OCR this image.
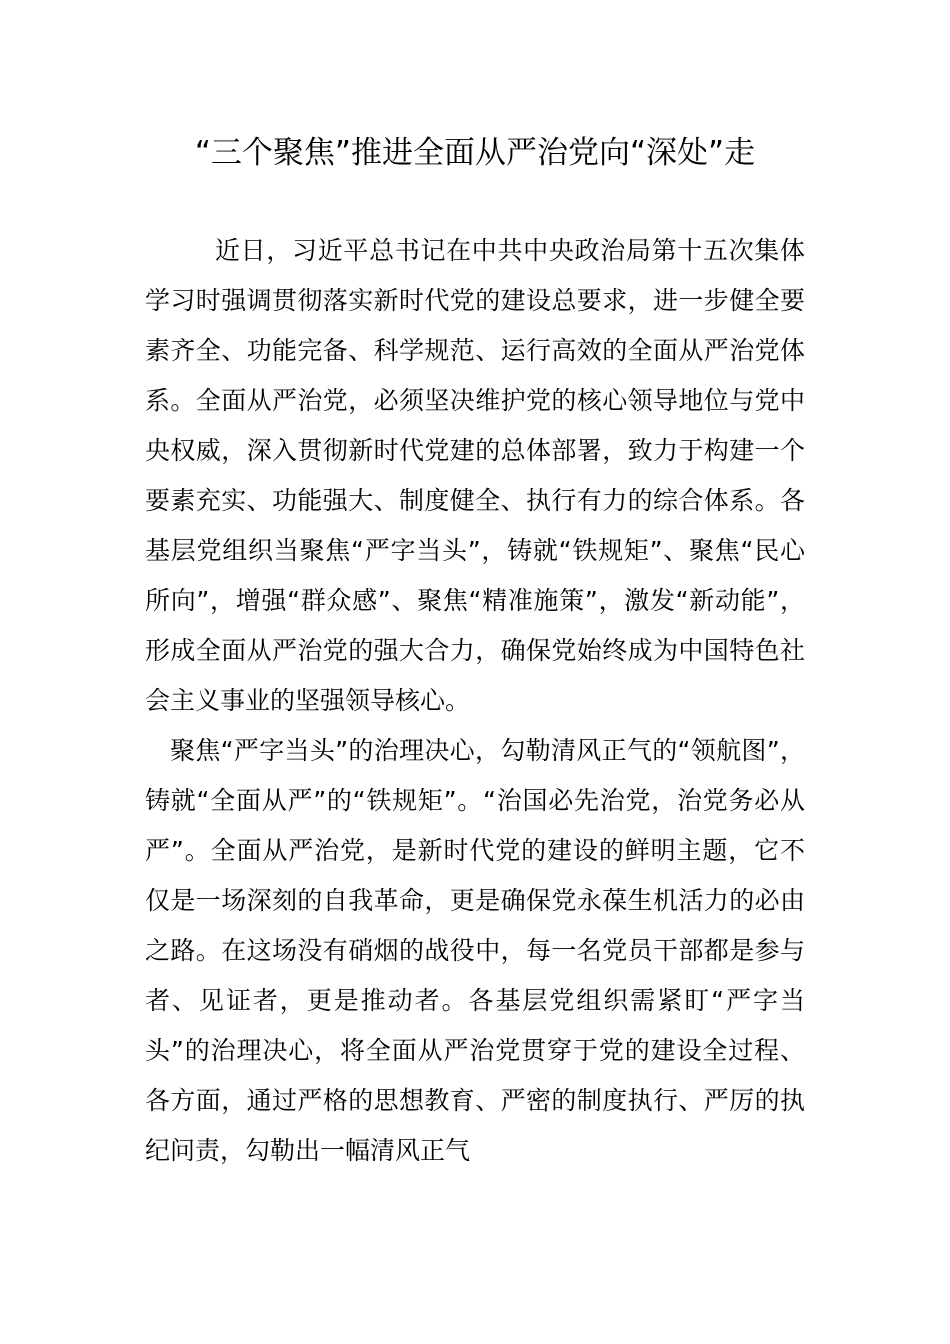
“三个聚焦”推进全面从严治党向“深处”走

近日，习近平总书记在中共中央政治局第十五次集体学习时强调贯彻落实新时代党的建设总要求，进一步健全要素齐全、功能完备、科学规范、运行高效的全面从严治党体系。全面从严治党，必须坚决维护党的核心领导地位与党中央权威，深入贯彻新时代党建的总体部署，致力于构建一个要素充实、功能强大、制度健全、执行有力的综合体系。各基层党组织当聚焦“严字当头”，铸就“铁规矩”、聚焦“民心所向”，增强“群众感”、聚焦“精准施策”，激发“新动能”，形成全面从严治党的强大合力，确保党始终成为中国特色社会主义事业的坚强领导核心。

聚焦“严字当头”的治理决心，勾勒清风正气的“领航图”，铸就“全面从严”的“铁规矩”。“治国必先治党，治党务必从严”。全面从严治党，是新时代党的建设的鲜明主题，它不仅是一场深刻的自我革命，更是确保党永葆生机活力的必由之路。在这场没有硝烟的战役中，每一名党员干部都是参与者、见证者，更是推动者。各基层党组织需紧盯“严字当头”的治理决心，将全面从严治党贯穿于党的建设全过程、各方面，通过严格的思想教育、严密的制度执行、严厉的执纪问责，勾勒出一幅清风正气
